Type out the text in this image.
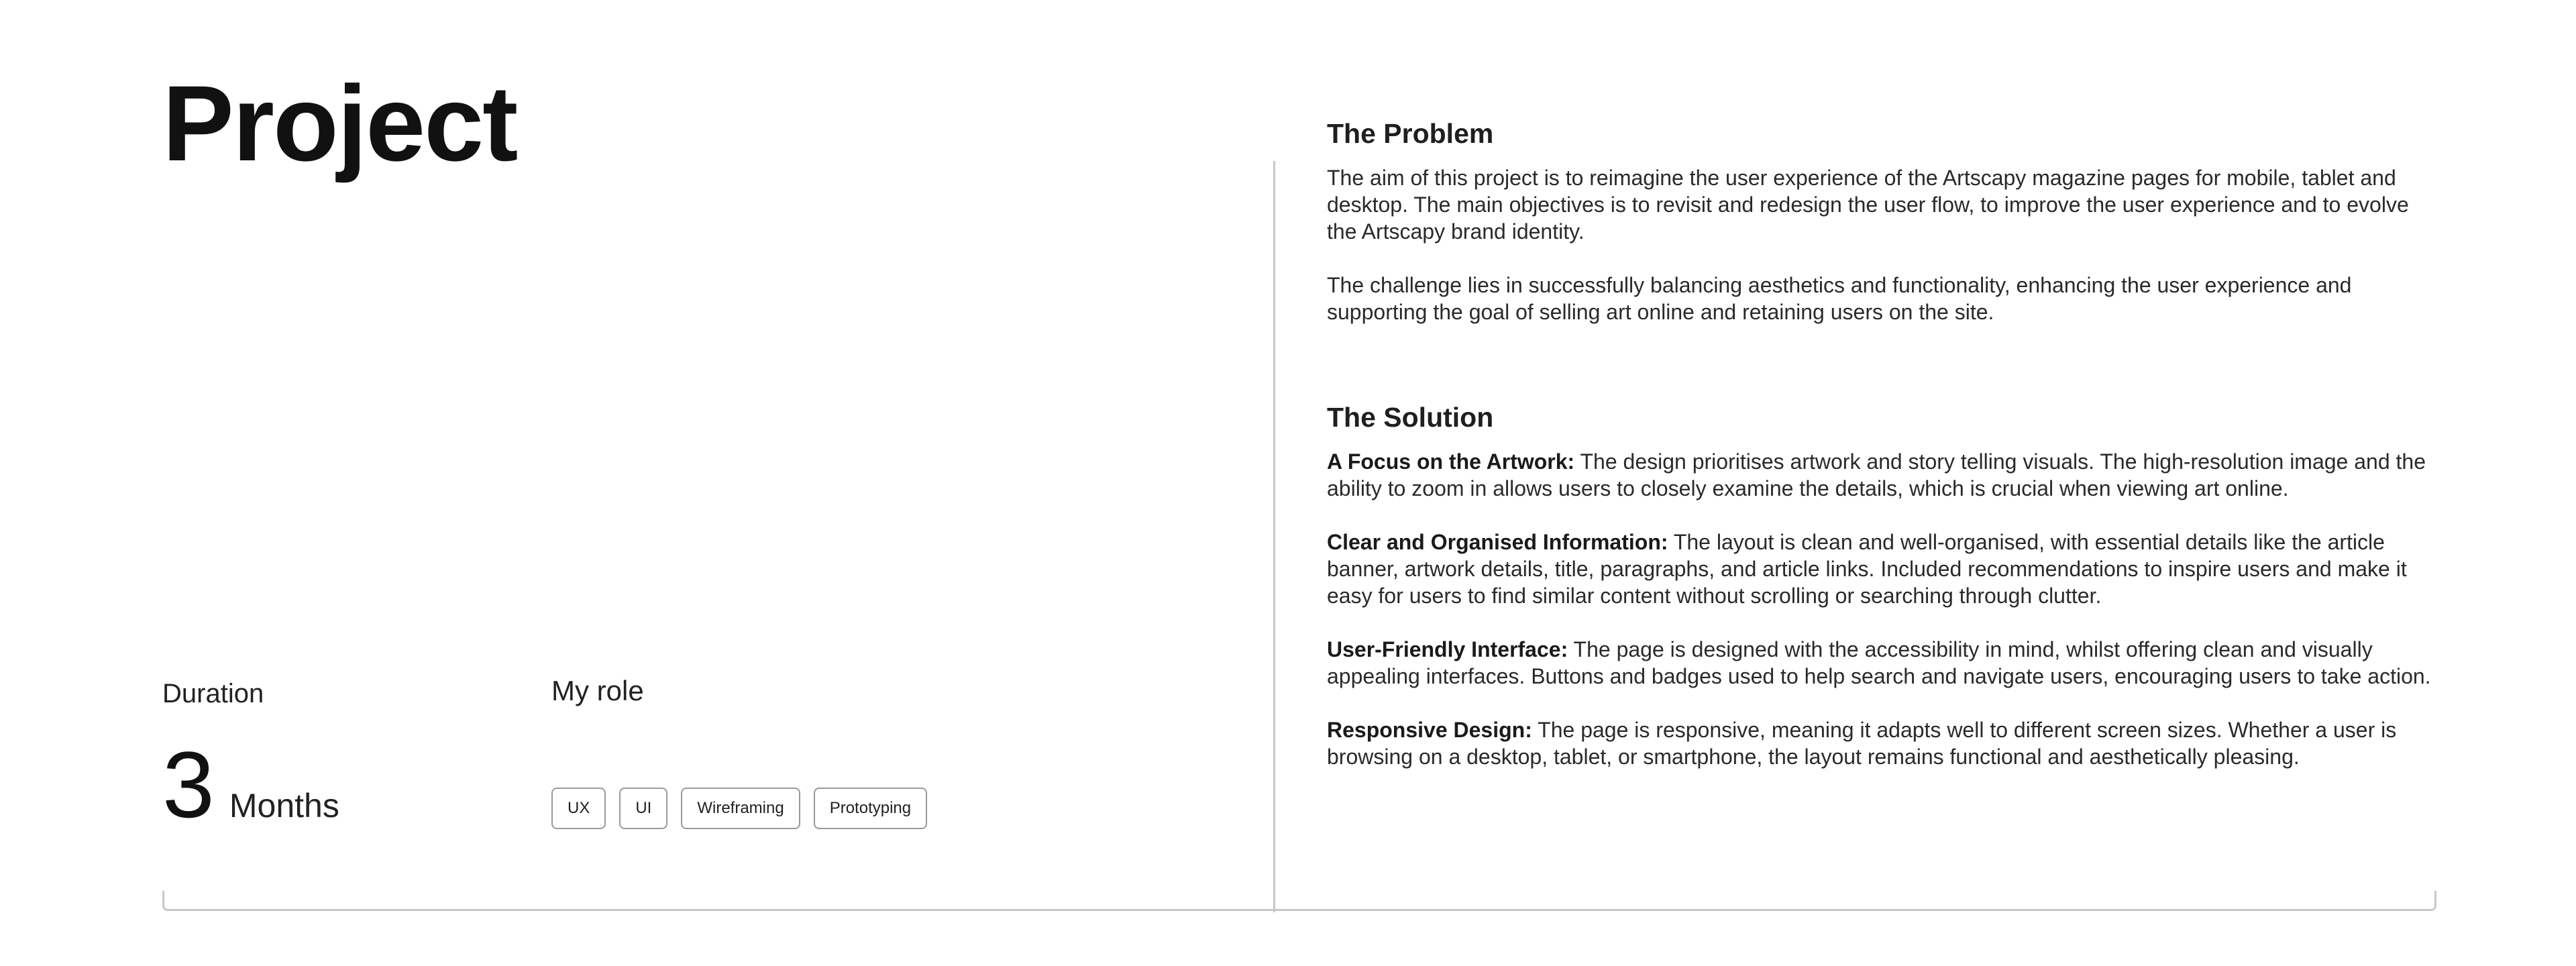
Project
Duration
3 Months
My role
UX	UI	Wireframing	Prototyping
The Problem

The aim of this project is to reimagine the user experience of the Artscapy magazine pages for mobile, tablet and desktop. The main objectives is to revisit and redesign the user flow, to improve the user experience and to evolve the Artscapy brand identity.

The challenge lies in successfully balancing aesthetics and functionality, enhancing the user experience and supporting the goal of selling art online and retaining users on the site.

The Solution

A Focus on the Artwork: The design prioritises artwork and story telling visuals. The high-resolution image and the ability to zoom in allows users to closely examine the details, which is crucial when viewing art online.

Clear and Organised Information: The layout is clean and well-organised, with essential details like the article banner, artwork details, title, paragraphs, and article links. Included recommendations to inspire users and make it easy for users to find similar content without scrolling or searching through clutter.

User-Friendly Interface: The page is designed with the accessibility in mind, whilst offering clean and visually appealing interfaces. Buttons and badges used to help search and navigate users, encouraging users to take action.

Responsive Design: The page is responsive, meaning it adapts well to different screen sizes. Whether a user is browsing on a desktop, tablet, or smartphone, the layout remains functional and aesthetically pleasing.
